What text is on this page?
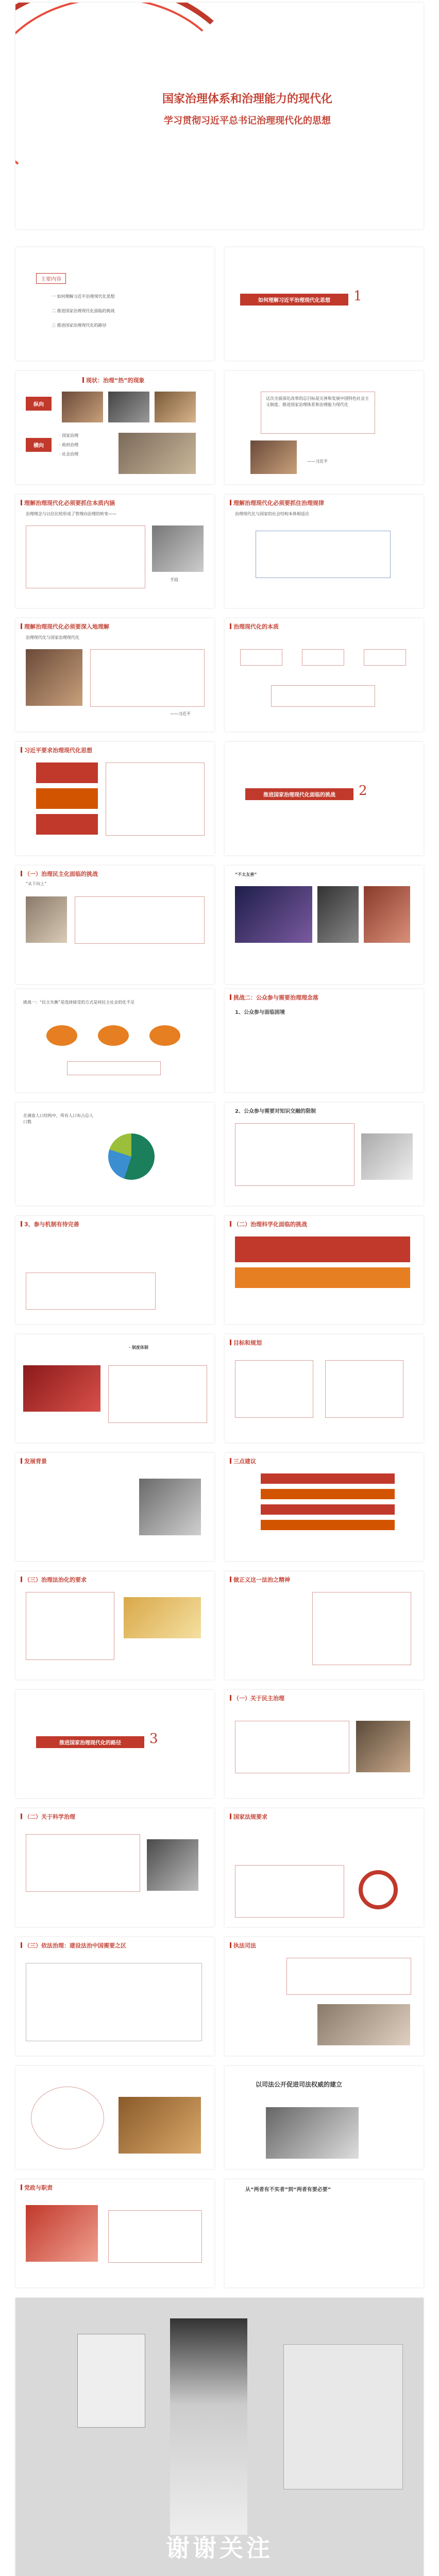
国家治理体系和治理能力的现代化
学习贯彻习近平总书记治理现代化的思想
主要内容
一 如何理解习近平治理现代化思想
二 推进国家治理现代化面临的挑战
三 推进国家治理现代化的路径
如何理解习近平治理现代化思想	1
现状：治理“热”的现象
纵向
横向
· 国家治理
· 政府治理
· 社会治理
这次全面深化改革的总目标是完善和发展中国特色社会主义制度、推进国家治理体系和治理能力现代化
——习近平
理解治理现代化必须要抓住本质内涵
治理理念与以往比较形成了管理向治理的转变——
手段
理解治理现代化必须要抓住治理规律
治理现代化与国家的社会结构本体相适应
理解治理现代化必须要深入地理解
治理现代化与国家治理现代化
——习近平
治理现代化的本质
习近平要求治理现代化思想
推进国家治理现代化面临的挑战	2
（一）治理民主化面临的挑战
“从下向上”
“不太友善”
挑战一：“民主失衡”是选择接受的方式是何民主社会的化不足
挑战二：公众参与需要治理理念落
1、公众参与面临困境
在调查人口结构中，所有人口有占总人口数
2、公众参与需要对知识交融的限制
3、参与机制有待完善	（二）治理科学化面临的挑战
· 制度体制
目标和规划
发展背景	三点建议
（三）治理法治化的要求	做正义这一法治之精神
推进国家治理现代化的路径	3
（一）关于民主治理
（二）关于科学治理	国家法规要求
（三）依法治理：建设法治中国需要之区	执法司法
以司法公开促进司法权威的建立
党政与职责	从“两者有不实者”到“两者有要必要”
谢谢关注
